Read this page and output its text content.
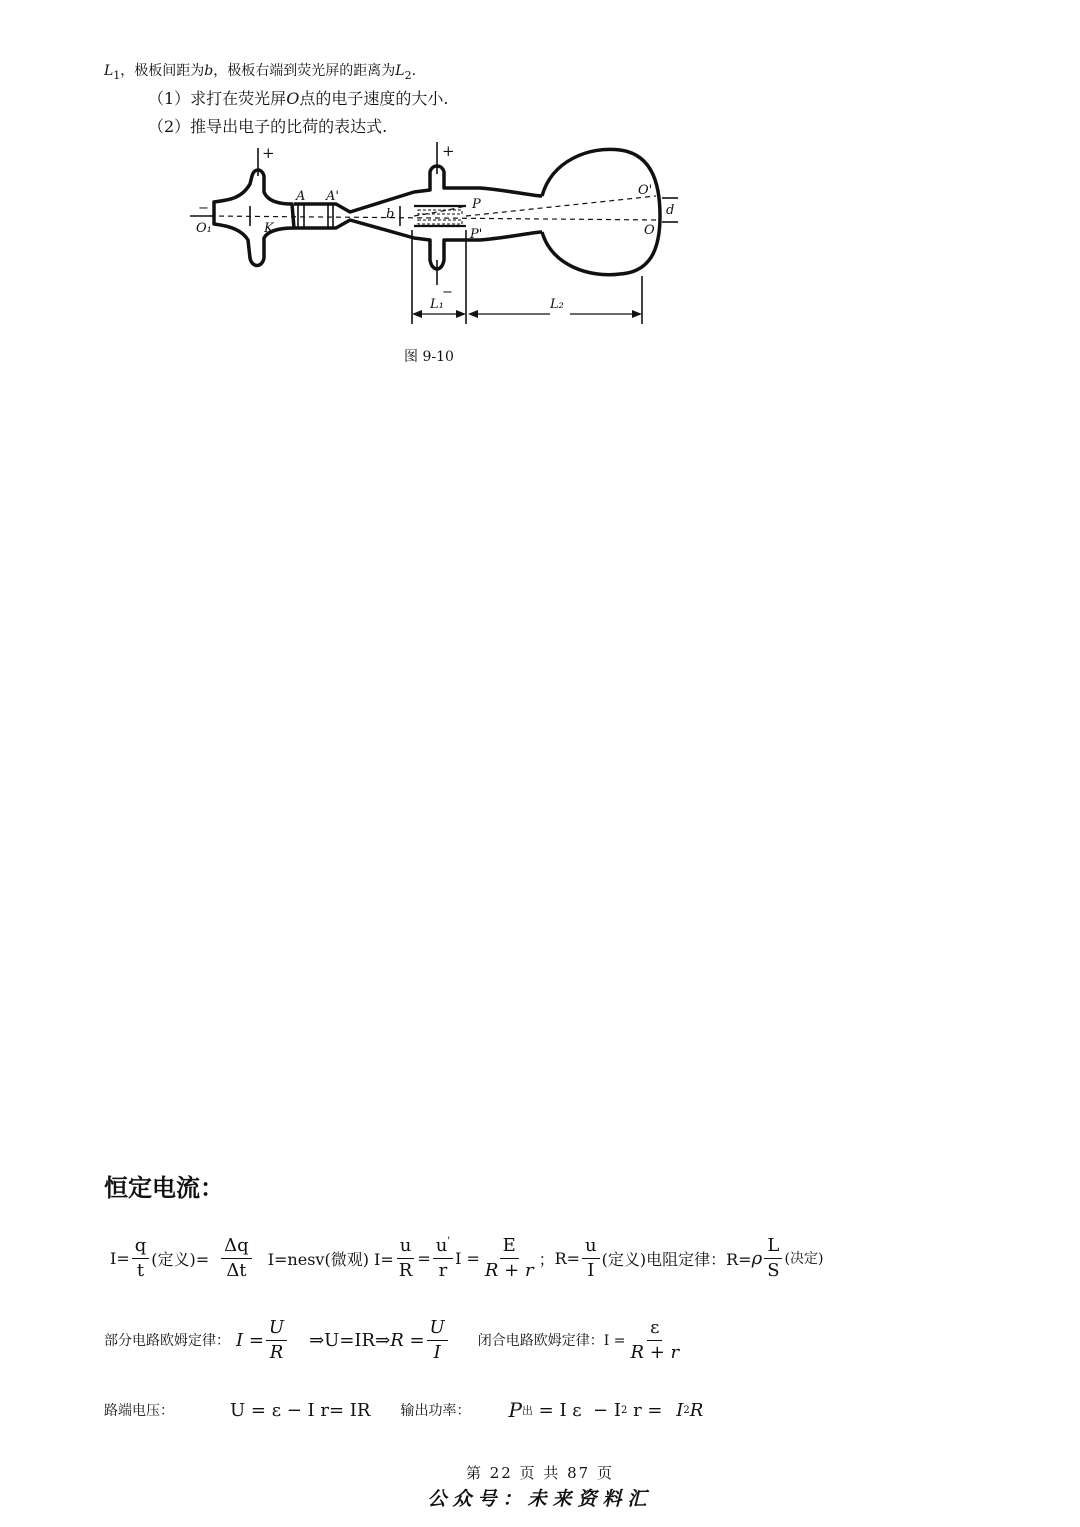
$L_1$，极板间距为b，极板右端到荧光屏的距离为$L_2$.
（1）求打在荧光屏O点的电子速度的大小.
（2）推导出电子的比荷的表达式.
+	+
−
−
A A'
K
O₁
b
P
P'
O'
O
d
L₁	L₂
图 9-10
恒定电流：
$I= \frac{q}{t}$ (定义)= $\frac{\Delta q}{\Delta t}$ I=nesv(微观) $I= \frac{u}{R} = \frac{u'}{r}$ $I = \frac{E}{R + r}$ ； $R= \frac{u}{I}$ (定义)电阻定律：R= ρ $\frac{L}{S}$ (决定)
部分电路欧姆定律： $I = \frac{U}{R}$ ⇒U=IR⇒ $R = \frac{U}{I}$ 闭合电路欧姆定律：$I = \frac{\varepsilon}{R + r}$
路端电压：	U = ε − I r= IR 输出功率： P 出 = I ε  − I 2 r = I 2 R
第 22 页 共 87 页
公众号：未来资料汇
